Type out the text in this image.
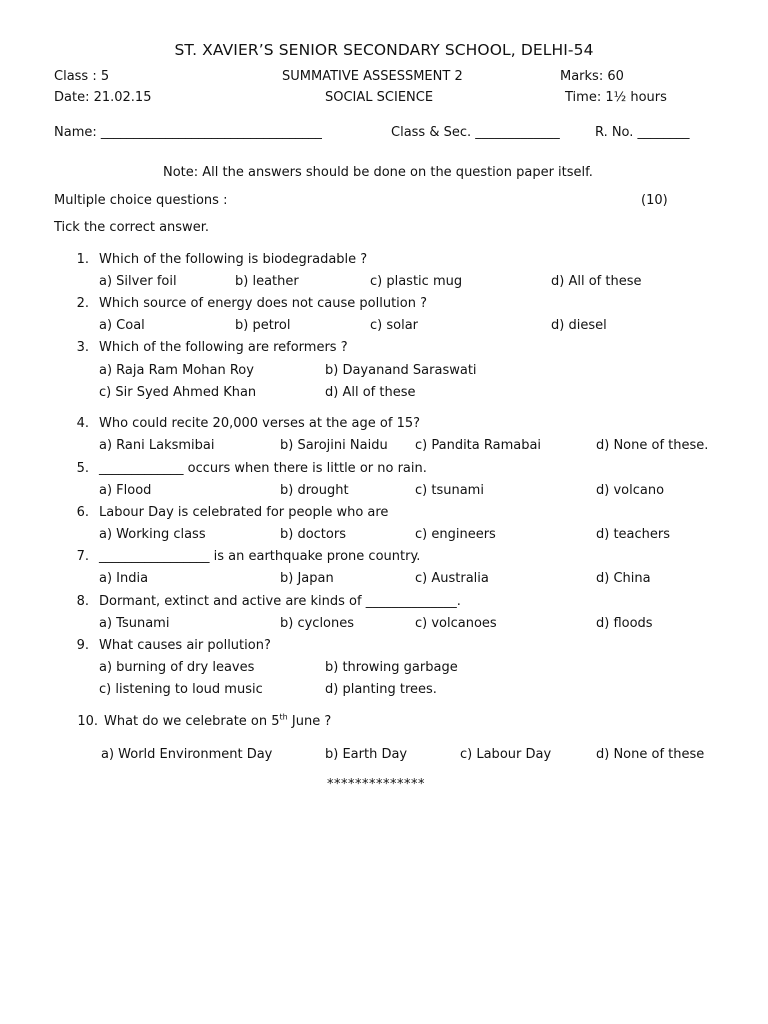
ST. XAVIER’S SENIOR SECONDARY SCHOOL, DELHI-54
Class : 5	SUMMATIVE ASSESSMENT 2	Marks: 60
Date: 21.02.15	SOCIAL SCIENCE	Time: 1½ hours
Name: __________________________________	Class & Sec. _____________	R. No. ________
Note: All the answers should be done on the question paper itself.
Multiple choice questions :	(10)
Tick the correct answer.
1. Which of the following is biodegradable ?
a) Silver foil	b) leather	c) plastic mug	d) All of these
2. Which source of energy does not cause pollution ?
a) Coal	b) petrol	c) solar	d) diesel
3. Which of the following are reformers ?
a) Raja Ram Mohan Roy	b) Dayanand Saraswati
c) Sir Syed Ahmed Khan	d) All of these
4. Who could recite 20,000 verses at the age of 15?
a) Rani Laksmibai	b) Sarojini Naidu c) Pandita Ramabai	d) None of these.
5. _____________ occurs when there is little or no rain.
a) Flood	b) drought	c) tsunami	d) volcano
6. Labour Day is celebrated for people who are
a) Working class	b) doctors	c) engineers	d) teachers
7. _________________ is an earthquake prone country.
a) India	b) Japan	c) Australia	d) China
8. Dormant, extinct and active are kinds of ______________.
a) Tsunami	b) cyclones	c) volcanoes	d) floods
9. What causes air pollution?
a) burning of dry leaves	b) throwing garbage
c) listening to loud music	d) planting trees.
10. What do we celebrate on 5th June ?
a) World Environment Day	b) Earth Day	c) Labour Day	d) None of these
**************
